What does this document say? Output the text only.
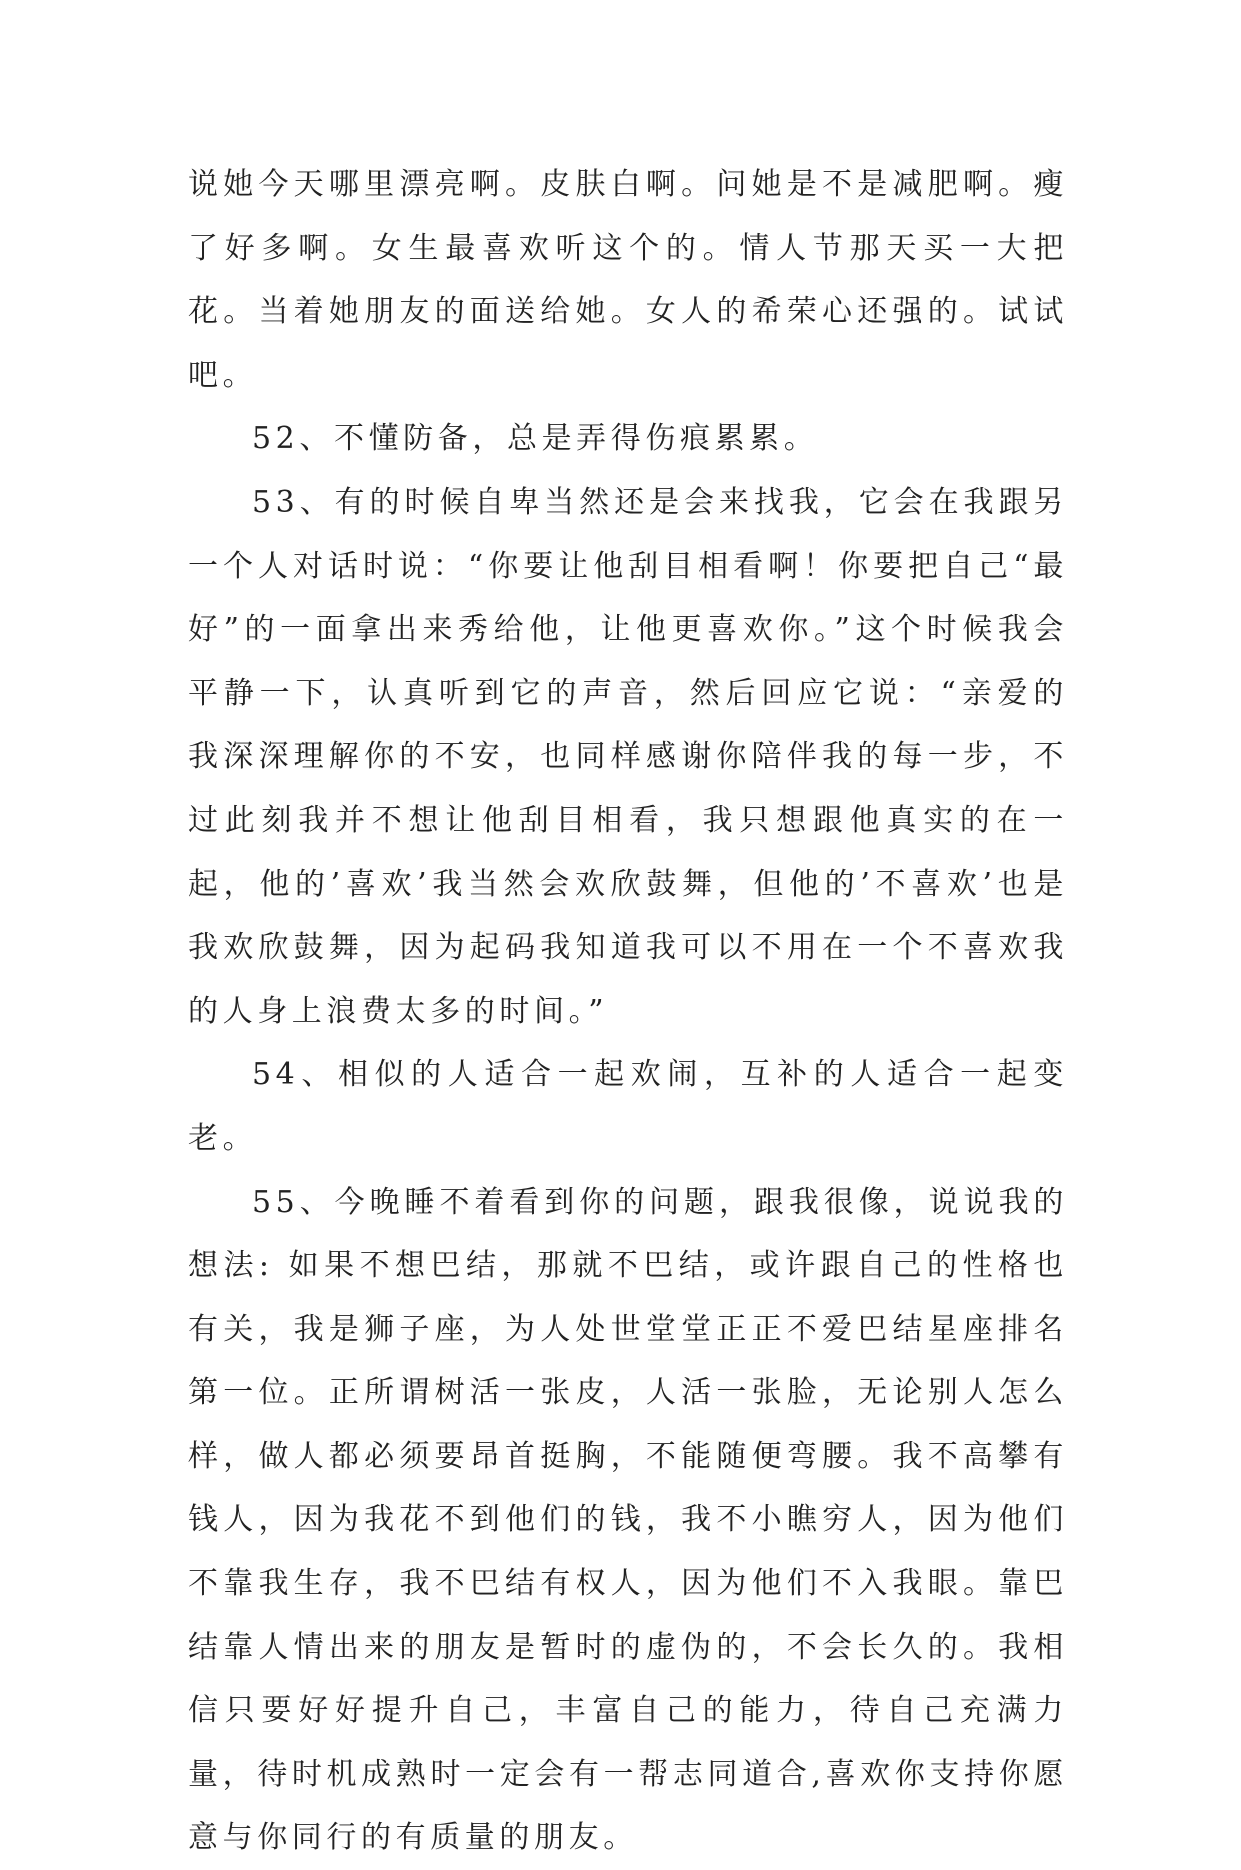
说她今天哪里漂亮啊。皮肤白啊。问她是不是减肥啊。瘦了好多啊。女生最喜欢听这个的。情人节那天买一大把花。当着她朋友的面送给她。女人的希荣心还强的。试试吧。

52、不懂防备，总是弄得伤痕累累。

53、有的时候自卑当然还是会来找我，它会在我跟另一个人对话时说：“你要让他刮目相看啊！你要把自己“最好”的一面拿出来秀给他，让他更喜欢你。”这个时候我会平静一下，认真听到它的声音，然后回应它说：“亲爱的我深深理解你的不安，也同样感谢你陪伴我的每一步，不过此刻我并不想让他刮目相看，我只想跟他真实的在一起，他的’喜欢’我当然会欢欣鼓舞，但他的’不喜欢’也是我欢欣鼓舞，因为起码我知道我可以不用在一个不喜欢我的人身上浪费太多的时间。”

54、相似的人适合一起欢闹，互补的人适合一起变老。

55、今晚睡不着看到你的问题，跟我很像，说说我的想法: 如果不想巴结，那就不巴结，或许跟自己的性格也有关，我是狮子座，为人处世堂堂正正不爱巴结星座排名第一位。正所谓树活一张皮，人活一张脸，无论别人怎么样，做人都必须要昂首挺胸，不能随便弯腰。我不高攀有钱人，因为我花不到他们的钱，我不小瞧穷人，因为他们不靠我生存，我不巴结有权人，因为他们不入我眼。靠巴结靠人情出来的朋友是暂时的虚伪的，不会长久的。我相信只要好好提升自己，丰富自己的能力，待自己充满力量，待时机成熟时一定会有一帮志同道合,喜欢你支持你愿意与你同行的有质量的朋友。
